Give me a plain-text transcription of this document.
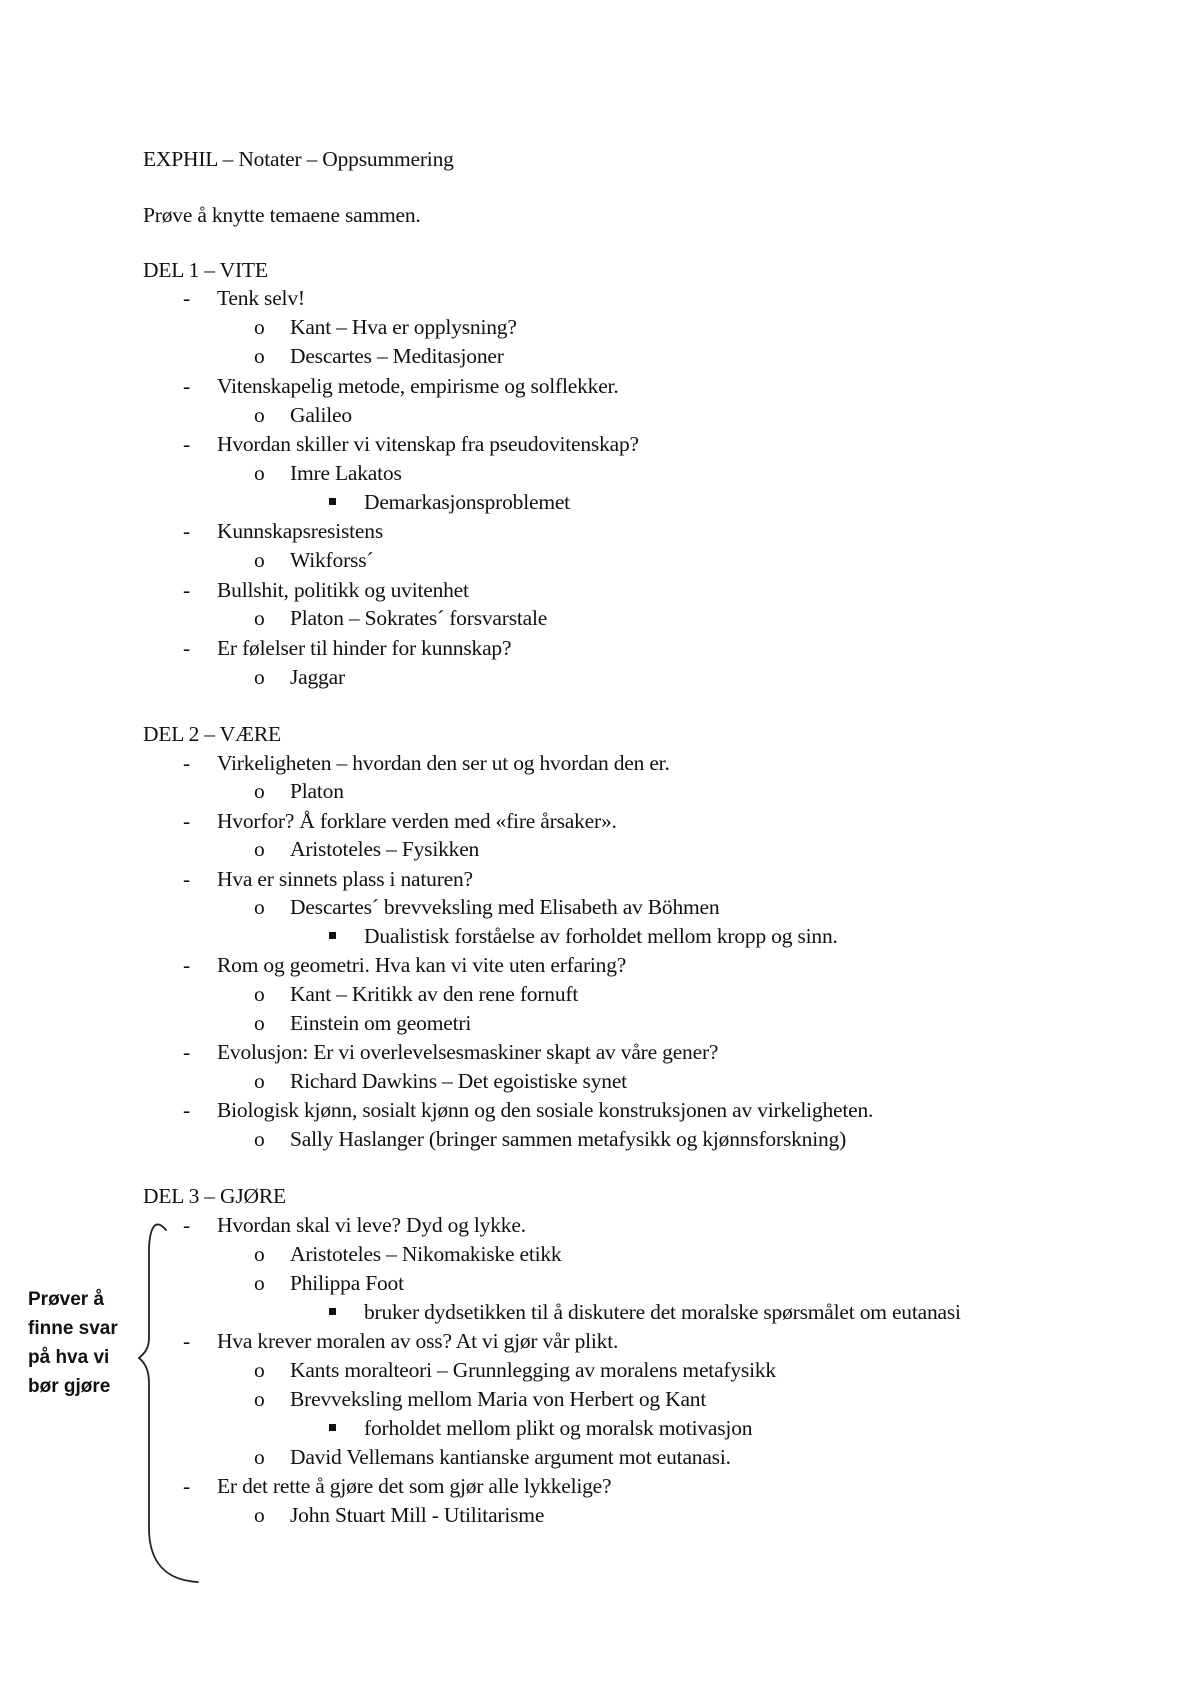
EXPHIL – Notater – Oppsummering
Prøve å knytte temaene sammen.
DEL 1 – VITE
- Tenk selv!
o Kant – Hva er opplysning?
o Descartes – Meditasjoner
- Vitenskapelig metode, empirisme og solflekker.
o Galileo
- Hvordan skiller vi vitenskap fra pseudovitenskap?
o Imre Lakatos
Demarkasjonsproblemet
- Kunnskapsresistens
o Wikforss´
- Bullshit, politikk og uvitenhet
o Platon – Sokrates´ forsvarstale
- Er følelser til hinder for kunnskap?
o Jaggar
DEL 2 – VÆRE
- Virkeligheten – hvordan den ser ut og hvordan den er.
o Platon
- Hvorfor? Å forklare verden med «fire årsaker».
o Aristoteles – Fysikken
- Hva er sinnets plass i naturen?
o Descartes´ brevveksling med Elisabeth av Böhmen
Dualistisk forståelse av forholdet mellom kropp og sinn.
- Rom og geometri. Hva kan vi vite uten erfaring?
o Kant – Kritikk av den rene fornuft
o Einstein om geometri
- Evolusjon: Er vi overlevelsesmaskiner skapt av våre gener?
o Richard Dawkins – Det egoistiske synet
- Biologisk kjønn, sosialt kjønn og den sosiale konstruksjonen av virkeligheten.
o Sally Haslanger (bringer sammen metafysikk og kjønnsforskning)
DEL 3 – GJØRE
- Hvordan skal vi leve? Dyd og lykke.
o Aristoteles – Nikomakiske etikk
o Philippa Foot
bruker dydsetikken til å diskutere det moralske spørsmålet om eutanasi
- Hva krever moralen av oss? At vi gjør vår plikt.
o Kants moralteori – Grunnlegging av moralens metafysikk
o Brevveksling mellom Maria von Herbert og Kant
forholdet mellom plikt og moralsk motivasjon
o David Vellemans kantianske argument mot eutanasi.
- Er det rette å gjøre det som gjør alle lykkelige?
o John Stuart Mill - Utilitarisme
Prøver å
finne svar
på hva vi
bør gjøre
